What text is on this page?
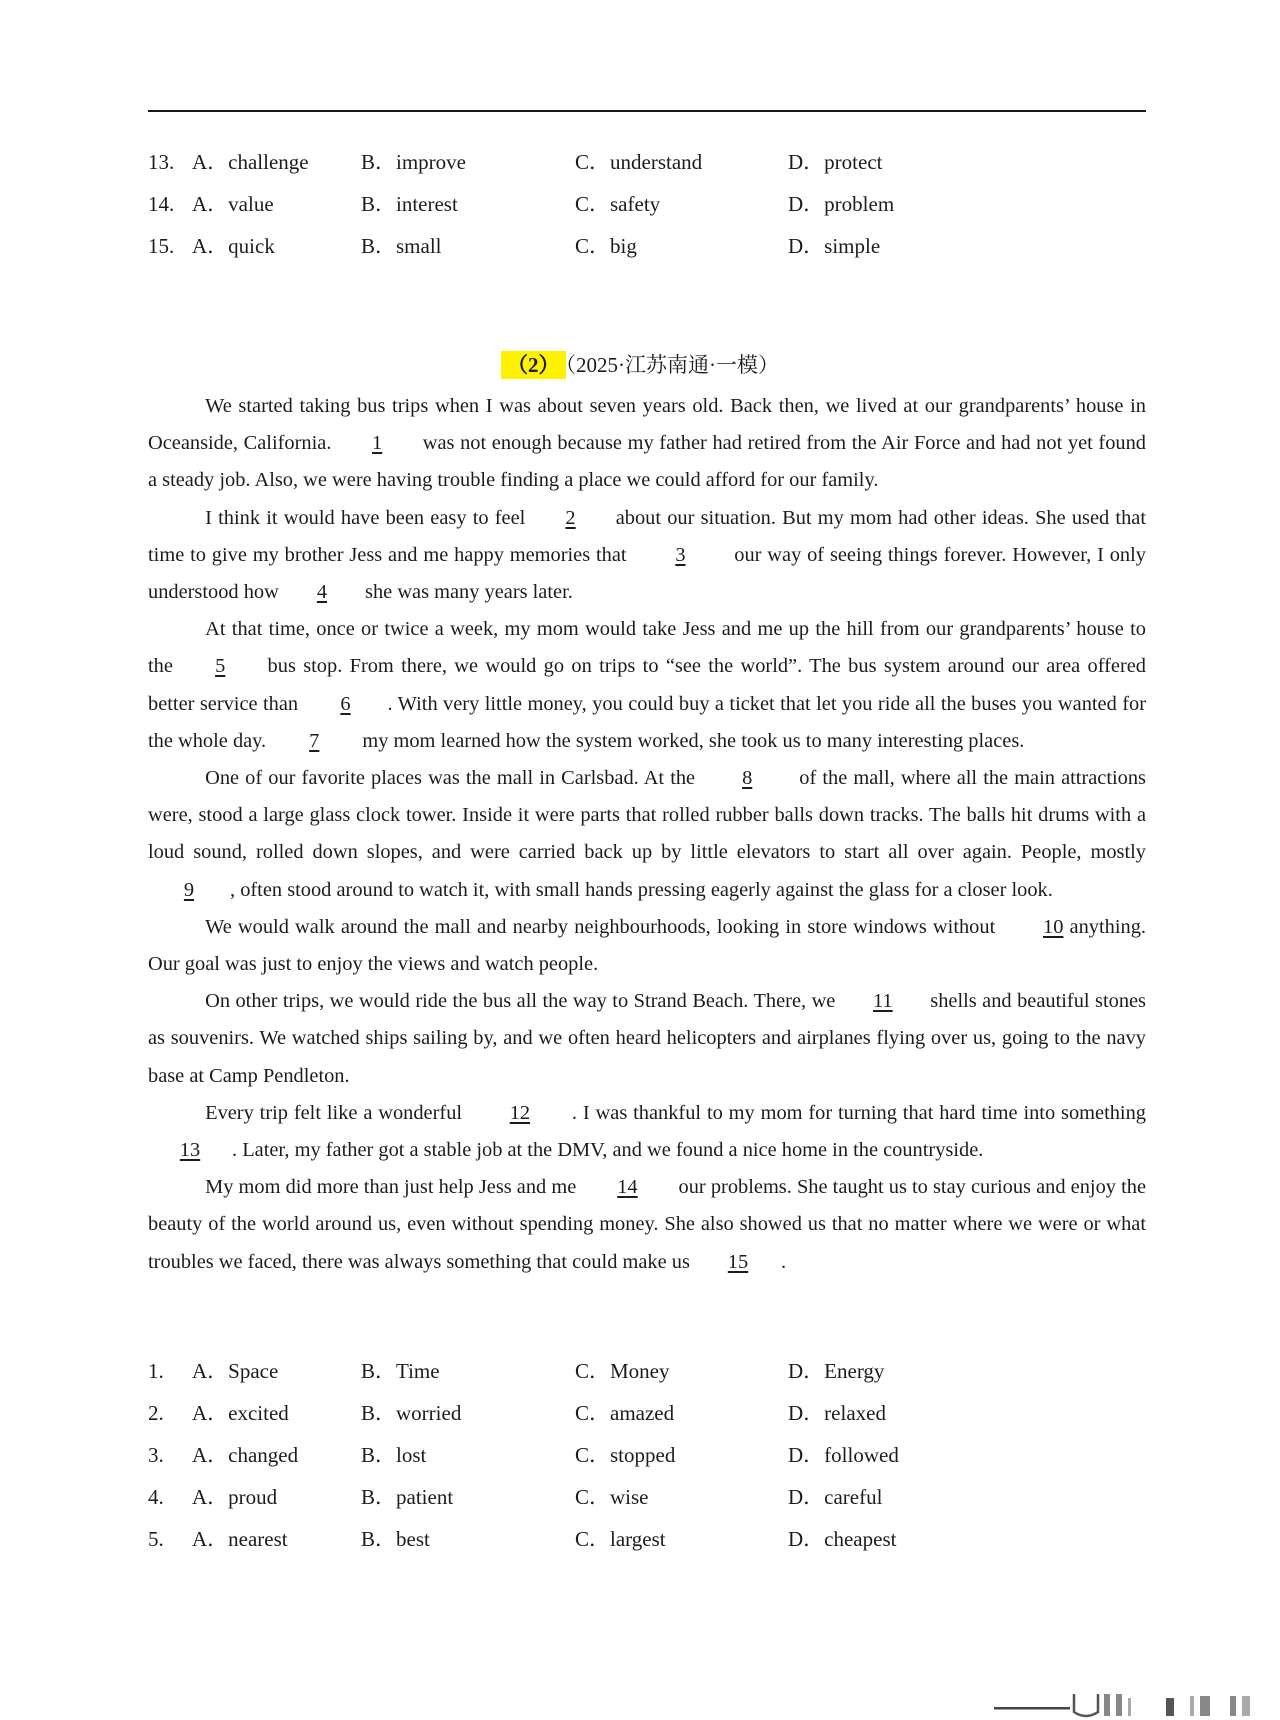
13. A．challenge B．improve	C．understand	D．protect
14. A．value	B．interest	C．safety	D．problem
15. A．quick	B．small	C．big	D．simple
（2） （2025·江苏南通·一模）

We started taking bus trips when I was about seven years old. Back then, we lived at our grandparents’ house in Oceanside, California. 1 was not enough because my father had retired from the Air Force and had not yet found a steady job. Also, we were having trouble finding a place we could afford for our family.

I think it would have been easy to feel 2 about our situation. But my mom had other ideas. She used that time to give my brother Jess and me happy memories that 3 our way of seeing things forever. However, I only understood how 4 she was many years later.

At that time, once or twice a week, my mom would take Jess and me up the hill from our grandparents’ house to the 5 bus stop. From there, we would go on trips to “see the world”. The bus system around our area offered better service than 6 . With very little money, you could buy a ticket that let you ride all the buses you wanted for the whole day. 7 my mom learned how the system worked, she took us to many interesting places.

One of our favorite places was the mall in Carlsbad. At the 8 of the mall, where all the main attractions were, stood a large glass clock tower. Inside it were parts that rolled rubber balls down tracks. The balls hit drums with a loud sound, rolled down slopes, and were carried back up by little elevators to start all over again. People, mostly 9 , often stood around to watch it, with small hands pressing eagerly against the glass for a closer look.

We would walk around the mall and nearby neighbourhoods, looking in store windows without 10 anything. Our goal was just to enjoy the views and watch people.

On other trips, we would ride the bus all the way to Strand Beach. There, we 11 shells and beautiful stones as souvenirs. We watched ships sailing by, and we often heard helicopters and airplanes flying over us, going to the navy base at Camp Pendleton.

Every trip felt like a wonderful 12 . I was thankful to my mom for turning that hard time into something 13 . Later, my father got a stable job at the DMV, and we found a nice home in the countryside.

My mom did more than just help Jess and me 14 our problems. She taught us to stay curious and enjoy the beauty of the world around us, even without spending money. She also showed us that no matter where we were or what troubles we faced, there was always something that could make us 15 .

1. A．Space	B．Time	C．Money	D．Energy
2. A．excited	B．worried	C．amazed	D．relaxed
3. A．changed	B．lost	C．stopped	D．followed
4. A．proud	B．patient	C．wise	D．careful
5. A．nearest	B．best	C．largest	D．cheapest
